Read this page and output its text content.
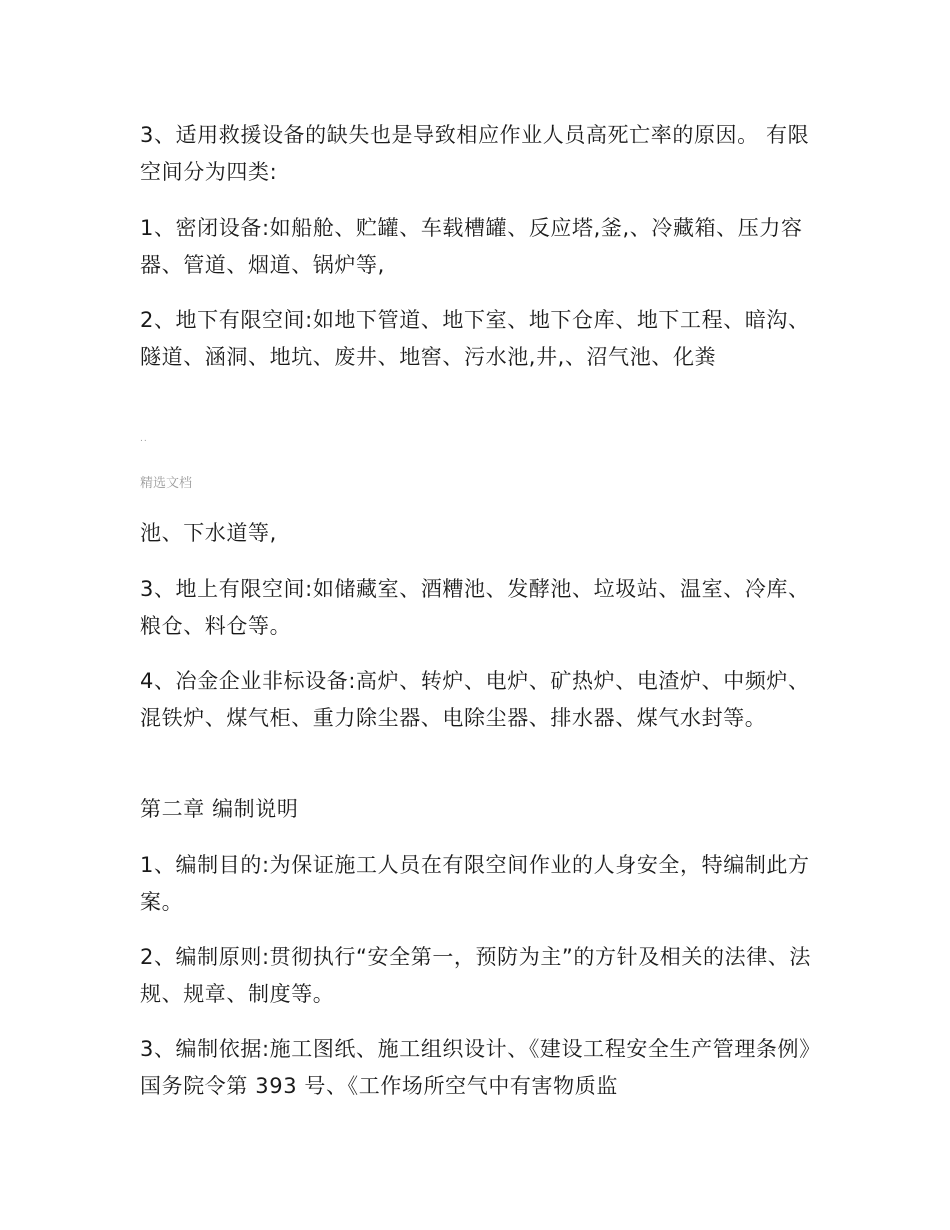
3、适用救援设备的缺失也是导致相应作业人员高死亡率的原因。 有限空间分为四类:

1、密闭设备:如船舱、贮罐、车载槽罐、反应塔,釜,、冷藏箱、压力容器、管道、烟道、锅炉等,

2、地下有限空间:如地下管道、地下室、地下仓库、地下工程、暗沟、隧道、涵洞、地坑、废井、地窖、污水池,井,、沼气池、化粪

..
精选文档

池、下水道等,

3、地上有限空间:如储藏室、酒糟池、发酵池、垃圾站、温室、冷库、粮仓、料仓等。

4、冶金企业非标设备:高炉、转炉、电炉、矿热炉、电渣炉、中频炉、混铁炉、煤气柜、重力除尘器、电除尘器、排水器、煤气水封等。

第二章 编制说明

1、编制目的:为保证施工人员在有限空间作业的人身安全，特编制此方案。

2、编制原则:贯彻执行“安全第一，预防为主”的方针及相关的法律、法规、规章、制度等。

3、编制依据:施工图纸、施工组织设计、《建设工程安全生产管理条例》国务院令第 393 号、《工作场所空气中有害物质监
